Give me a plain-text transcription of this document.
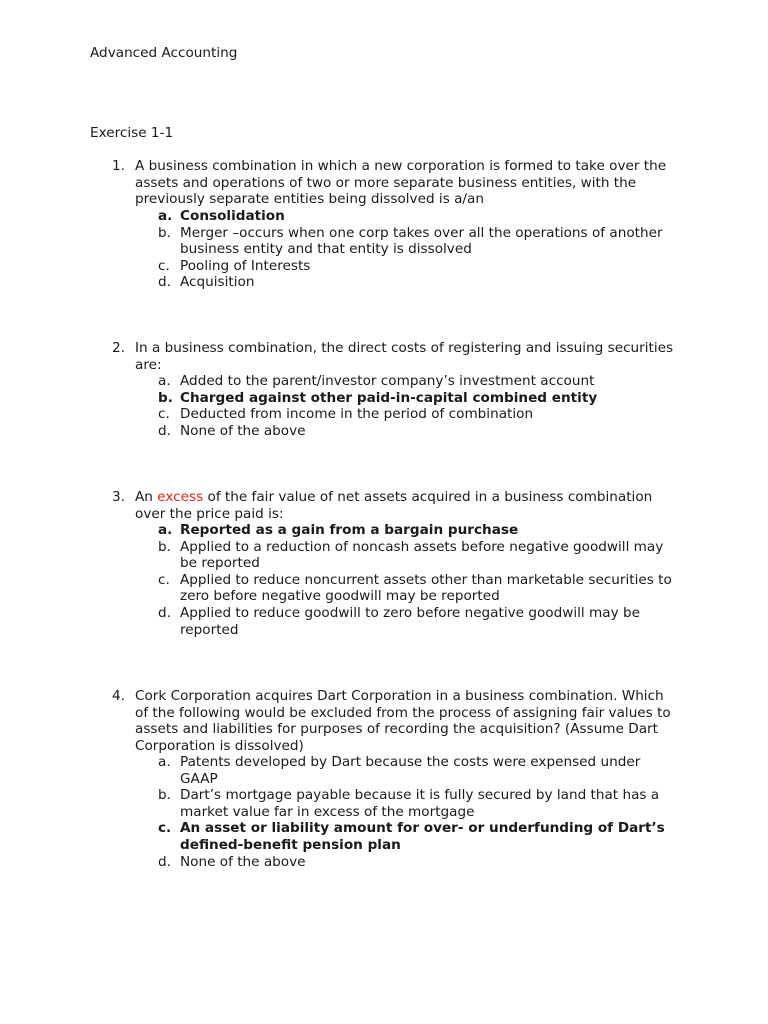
Advanced Accounting
Exercise 1-1
1. A business combination in which a new corporation is formed to take over the assets and operations of two or more separate business entities, with the previously separate entities being dissolved is a/an

a. Consolidation
b. Merger –occurs when one corp takes over all the operations of another business entity and that entity is dissolved
c. Pooling of Interests
d. Acquisition
2. In a business combination, the direct costs of registering and issuing securities are:

a. Added to the parent/investor company’s investment account
b. Charged against other paid-in-capital combined entity
c. Deducted from income in the period of combination
d. None of the above
3. An excess of the fair value of net assets acquired in a business combination over the price paid is:

a. Reported as a gain from a bargain purchase
b. Applied to a reduction of noncash assets before negative goodwill may be reported
c. Applied to reduce noncurrent assets other than marketable securities to zero before negative goodwill may be reported
d. Applied to reduce goodwill to zero before negative goodwill may be reported
4. Cork Corporation acquires Dart Corporation in a business combination. Which of the following would be excluded from the process of assigning fair values to assets and liabilities for purposes of recording the acquisition? (Assume Dart Corporation is dissolved)

a. Patents developed by Dart because the costs were expensed under GAAP
b. Dart’s mortgage payable because it is fully secured by land that has a market value far in excess of the mortgage
c. An asset or liability amount for over- or underfunding of Dart’s defined-benefit pension plan
d. None of the above
